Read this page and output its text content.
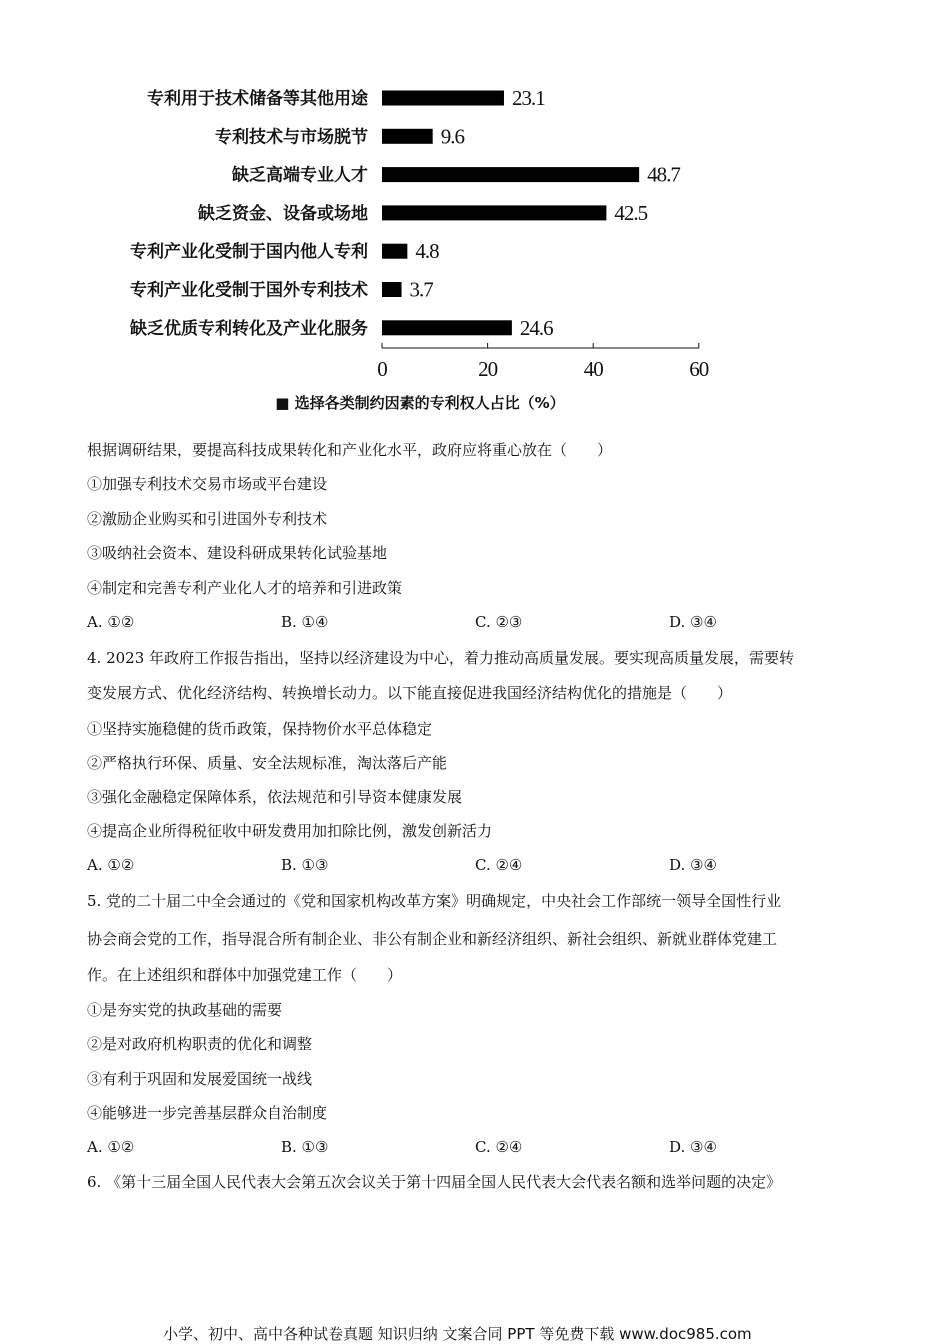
专利用于技术储备等其他用途	23.1
专利技术与市场脱节	9.6
缺乏高端专业人才	48.7
缺乏资金、设备或场地	42.5
专利产业化受制于国内他人专利 4.8
专利产业化受制于国外专利技术 3.7
缺乏优质专利转化及产业化服务	24.6
0	20	40	60
■ 选择各类制约因素的专利权人占比（%）
根据调研结果，要提高科技成果转化和产业化水平，政府应将重心放在（　　）
①加强专利技术交易市场或平台建设
②激励企业购买和引进国外专利技术
③吸纳社会资本、建设科研成果转化试验基地
④制定和完善专利产业化人才的培养和引进政策
A. ①②	B. ①④	C. ②③	D. ③④
4. 2023 年政府工作报告指出，坚持以经济建设为中心，着力推动高质量发展。要实现高质量发展，需要转
变发展方式、优化经济结构、转换增长动力。以下能直接促进我国经济结构优化的措施是（　　）
①坚持实施稳健的货币政策，保持物价水平总体稳定
②严格执行环保、质量、安全法规标准，淘汰落后产能
③强化金融稳定保障体系，依法规范和引导资本健康发展
④提高企业所得税征收中研发费用加扣除比例，激发创新活力
A. ①②	B. ①③	C. ②④	D. ③④
5. 党的二十届二中全会通过的《党和国家机构改革方案》明确规定，中央社会工作部统一领导全国性行业
协会商会党的工作，指导混合所有制企业、非公有制企业和新经济组织、新社会组织、新就业群体党建工
作。在上述组织和群体中加强党建工作（　　）
①是夯实党的执政基础的需要
②是对政府机构职责的优化和调整
③有利于巩固和发展爱国统一战线
④能够进一步完善基层群众自治制度
A. ①②	B. ①③	C. ②④	D. ③④
6. 《第十三届全国人民代表大会第五次会议关于第十四届全国人民代表大会代表名额和选举问题的决定》
小学、初中、高中各种试卷真题 知识归纳 文案合同 PPT 等免费下载 www.doc985.com
